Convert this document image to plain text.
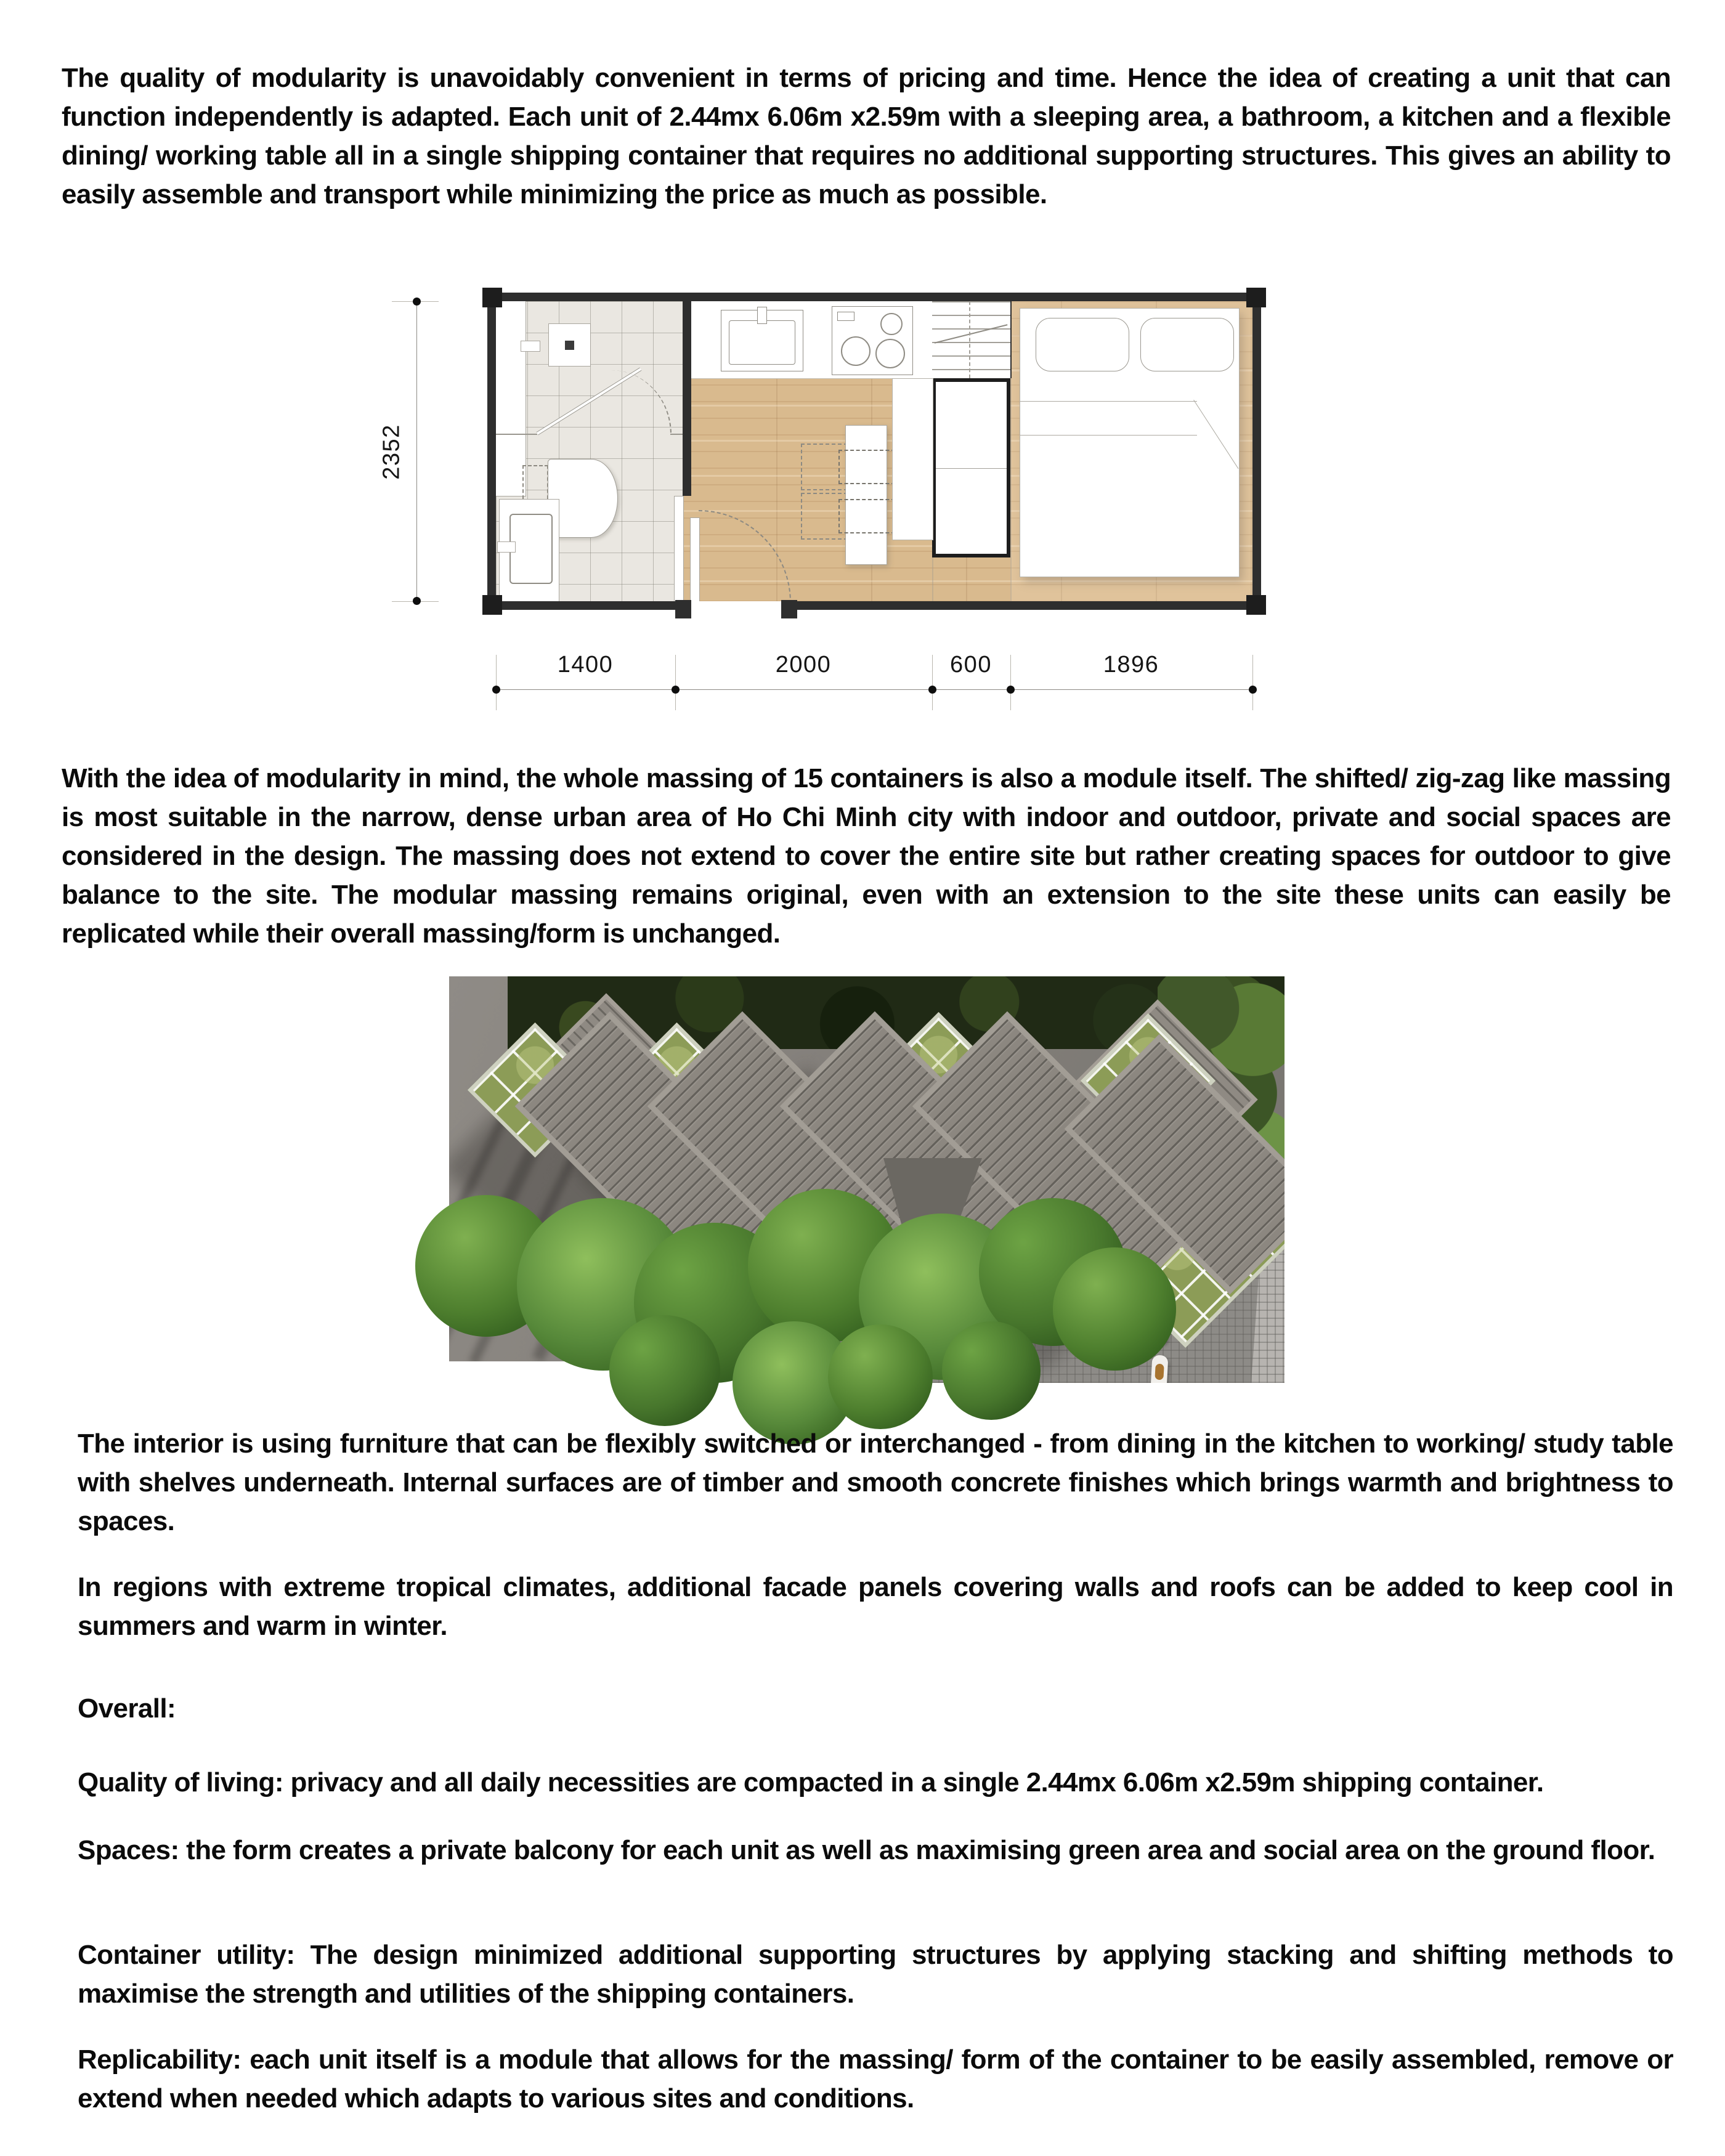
The quality of modularity is unavoidably convenient in terms of pricing and time. Hence the idea of creating a unit that can function independently is adapted. Each unit of 2.44mx 6.06m x2.59m with a sleeping area, a bathroom, a kitchen and a flexible dining/ working table all in a single shipping container that requires no additional supporting structures. This gives an ability to easily assemble and transport while minimizing the price as much as possible.
2352
1400	2000	600	1896
With the idea of modularity in mind, the whole massing of 15 containers is also a module itself. The shifted/ zig-zag like massing is most suitable in the narrow, dense urban area of Ho Chi Minh city with indoor and outdoor, private and social spaces are considered in the design. The massing does not extend to cover the entire site but rather creating spaces for outdoor to give balance to the site. The modular massing remains original, even with an extension to the site these units can easily be replicated while their overall massing/form is unchanged.
The interior is using furniture that can be flexibly switched or interchanged - from dining in the kitchen to working/ study table with shelves underneath. Internal surfaces are of timber and smooth concrete finishes which brings warmth and brightness to spaces.
In regions with extreme tropical climates, additional facade panels covering walls and roofs can be added to keep cool in summers and warm in winter.
Overall:
Quality of living: privacy and all daily necessities are compacted in a single 2.44mx 6.06m x2.59m shipping container.
Spaces: the form creates a private balcony for each unit as well as maximising green area and social area on the ground floor.
Container utility: The design minimized additional supporting structures by applying stacking and shifting methods to maximise the strength and utilities of the shipping containers.
Replicability: each unit itself is a module that allows for the massing/ form of the container to be easily assembled, remove or extend when needed which adapts to various sites and conditions.
